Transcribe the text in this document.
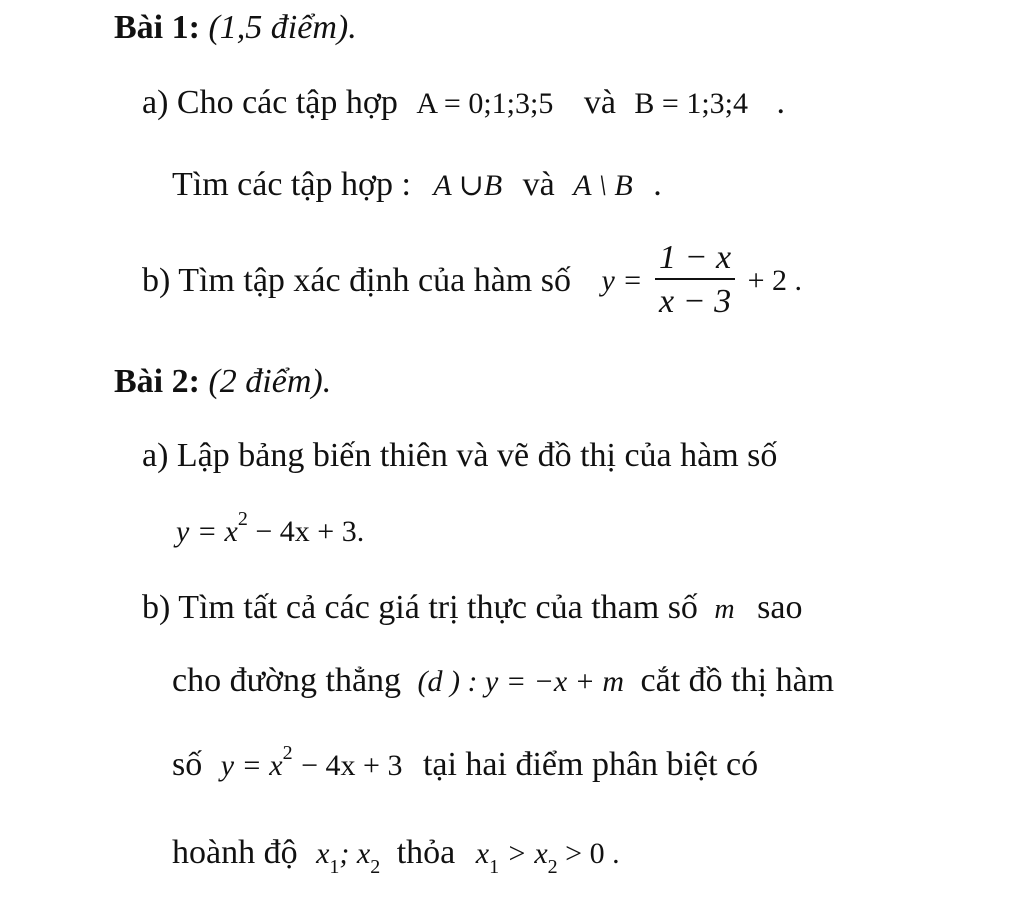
Bài 1: (1,5 điểm).
a) Cho các tập hợp A = 0;1;3;5 và B = 1;3;4 .
Tìm các tập hợp : A ∪B và A \ B .
b) Tìm tập xác định của hàm số $y = \frac{1 - x}{x - 3} + 2$ .
Bài 2: (2 điểm).
a) Lập bảng biến thiên và vẽ đồ thị của hàm số
$y = x^2 - 4x + 3$.
b) Tìm tất cả các giá trị thực của tham số m sao
cho đường thẳng (d ) : y = −x + m cắt đồ thị hàm
số $y = x^2 - 4x + 3$ tại hai điểm phân biệt có
hoành độ $x_1$; $x_2$ thỏa $x_1 > x_2 > 0$ .
